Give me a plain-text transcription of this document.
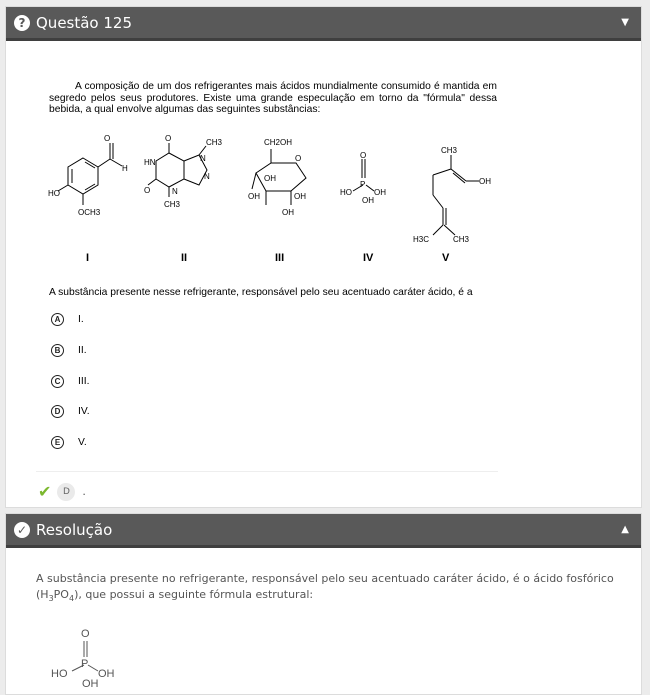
? Questão 125	▼
A composição de um dos refrigerantes mais ácidos mundialmente consumido é mantida em segredo pelos seus produtores. Existe uma grande especulação em torno da "fórmula" dessa bebida, a qual envolve algumas das seguintes substâncias:
O
H
HO
OCH3
O	CH3
HN	N
N
O	N
CH3
CH2OH
O
OH
OH	OH
OH
O
P
HO	OH
OH
CH3
OH
H3C	CH3
I	II	III	IV	V
A substância presente nesse refrigerante, responsável pelo seu acentuado caráter ácido, é a
A	I.
B	II.
C	III.
D	IV.
E	V.
✔	D	.
✓ Resolução	▲
A substância presente no refrigerante, responsável pelo seu acentuado caráter ácido, é o ácido fosfórico $(H_3PO_4)$, que possui a seguinte fórmula estrutural:
O
P
HO	OH
OH
